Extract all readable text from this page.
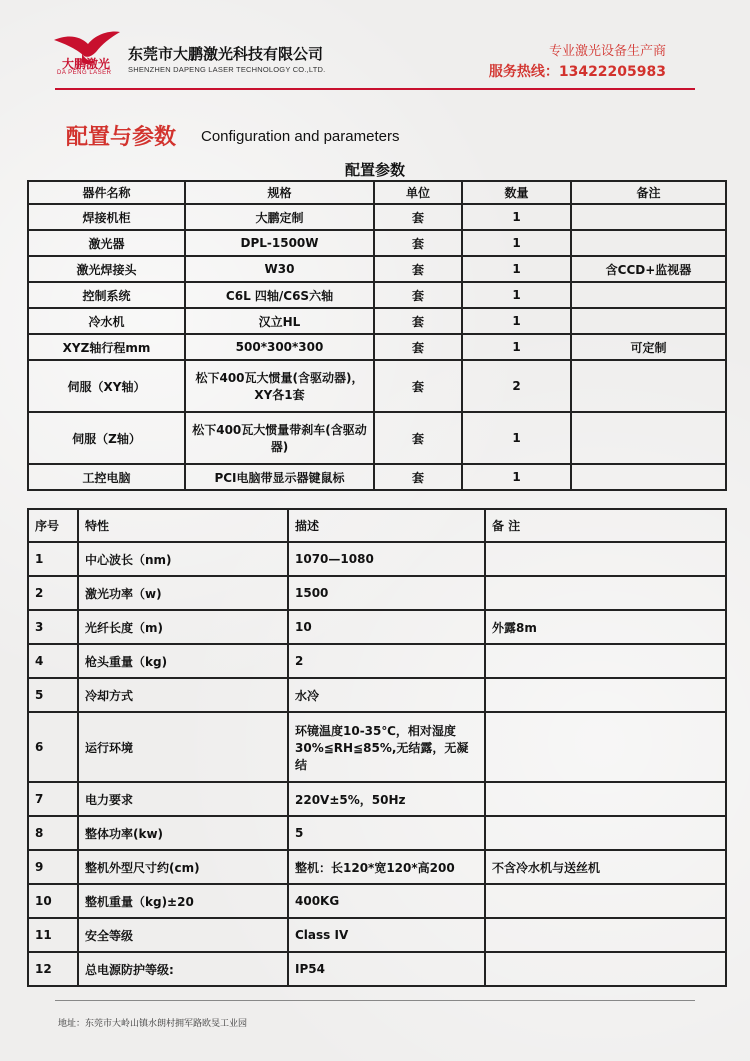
大鹏激光
DA PENG LASER
东莞市大鹏激光科技有限公司
SHENZHEN DAPENG LASER TECHNOLOGY CO.,LTD.
专业激光设备生产商
服务热线：13422205983
配置与参数 Configuration and parameters
配置参数
器件名称	规格	单位	数量	备注
焊接机柜	大鹏定制	套	1	
激光器	DPL-1500W	套	1	
激光焊接头	W30	套	1	含CCD+监视器
控制系统	C6L 四轴/C6S六轴	套	1	
冷水机	汉立HL	套	1	
XYZ轴行程mm	500*300*300	套	1	可定制
伺服（XY轴）	松下400瓦大惯量(含驱动器)，XY各1套	套	2	
伺服（Z轴）	松下400瓦大惯量带刹车(含驱动器)	套	1	
工控电脑	PCI电脑带显示器键鼠标	套	1	
序号	特性	描述	备 注
1	中心波长（nm)	1070—1080	
2	激光功率（w)	1500	
3	光纤长度（m)	10	外露8m
4	枪头重量（kg)	2	
5	冷却方式	水冷	
6	运行环境	环镜温度10-35℃，相对湿度30%≦RH≦85%,无结露，无凝结	
7	电力要求	220V±5%，50Hz	
8	整体功率(kw)	5	
9	整机外型尺寸约(cm)	整机：长120*宽120*高200	不含冷水机与送丝机
10	整机重量（kg)±20	400KG	
11	安全等级	Class IV	
12	总电源防护等级:	IP54	
地址：东莞市大岭山镇水朗村拥军路欧旻工业园
